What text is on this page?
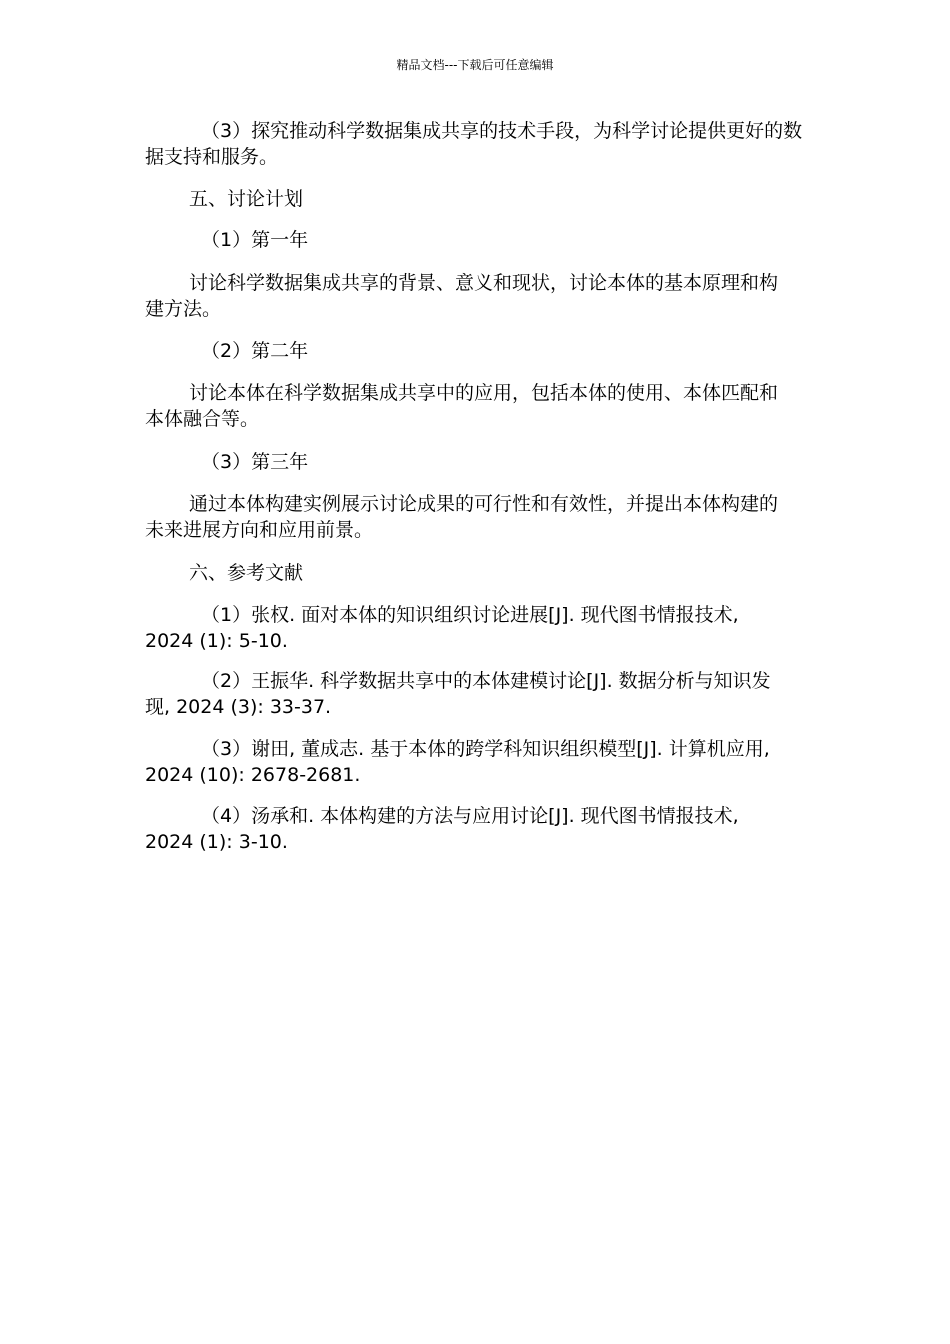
精品文档---下载后可任意编辑

（3）探究推动科学数据集成共享的技术手段，为科学讨论提供更好的数据支持和服务。

五、讨论计划

（1）第一年

讨论科学数据集成共享的背景、意义和现状，讨论本体的基本原理和构建方法。

（2）第二年

讨论本体在科学数据集成共享中的应用，包括本体的使用、本体匹配和本体融合等。

（3）第三年

通过本体构建实例展示讨论成果的可行性和有效性，并提出本体构建的未来进展方向和应用前景。

六、参考文献

（1）张权. 面对本体的知识组织讨论进展[J]. 现代图书情报技术, 2024 (1): 5-10.

（2）王振华. 科学数据共享中的本体建模讨论[J]. 数据分析与知识发现, 2024 (3): 33-37.

（3）谢田, 董成志. 基于本体的跨学科知识组织模型[J]. 计算机应用, 2024 (10): 2678-2681.

（4）汤承和. 本体构建的方法与应用讨论[J]. 现代图书情报技术, 2024 (1): 3-10.
